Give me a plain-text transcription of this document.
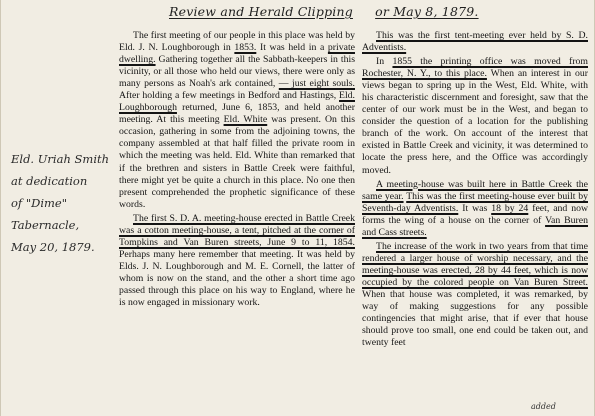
Review and Herald Clipping or May 8, 1879.
Eld. Uriah Smith
at dedication
of "Dime"
Tabernacle,
May 20, 1879.

The first meeting of our people in this place was held by Eld. J. N. Loughborough in 1853. It was held in a private dwelling. Gathering together all the Sabbath-keepers in this vicinity, or all those who held our views, there were only as many persons as Noah's ark contained, — just eight souls. After holding a few meetings in Bedford and Hastings, Eld. Loughborough returned, June 6, 1853, and held another meeting. At this meeting Eld. White was present. On this occasion, gathering in some from the adjoining towns, the company assembled at that half filled the private room in which the meeting was held. Eld. White than remarked that if the brethren and sisters in Battle Creek were faithful, there might yet be quite a church in this place. No one then present comprehended the prophetic significance of these words.

The first S. D. A. meeting-house erected in Battle Creek was a cotton meeting-house, a tent, pitched at the corner of Tompkins and Van Buren streets, June 9 to 11, 1854. Perhaps many here remember that meeting. It was held by Elds. J. N. Loughborough and M. E. Cornell, the latter of whom is now on the stand, and the other a short time ago passed through this place on his way to England, where he is now engaged in missionary work.

This was the first tent-meeting ever held by S. D. Adventists.

In 1855 the printing office was moved from Rochester, N. Y., to this place. When an interest in our views began to spring up in the West, Eld. White, with his characteristic discernment and foresight, saw that the center of our work must be in the West, and began to consider the question of a location for the publishing branch of the work. On account of the interest that existed in Battle Creek and vicinity, it was determined to locate the press here, and the Office was accordingly moved.

A meeting-house was built here in Battle Creek the same year. This was the first meeting-house ever built by Seventh-day Adventists. It was 18 by 24 feet, and now forms the wing of a house on the corner of Van Buren and Cass streets.

The increase of the work in two years from that time rendered a larger house of worship necessary, and the meeting-house was erected, 28 by 44 feet, which is now occupied by the colored people on Van Buren Street. When that house was completed, it was remarked, by way of making suggestions for any possible contingencies that might arise, that if ever that house should prove too small, one end could be taken out, and twenty feet

added
